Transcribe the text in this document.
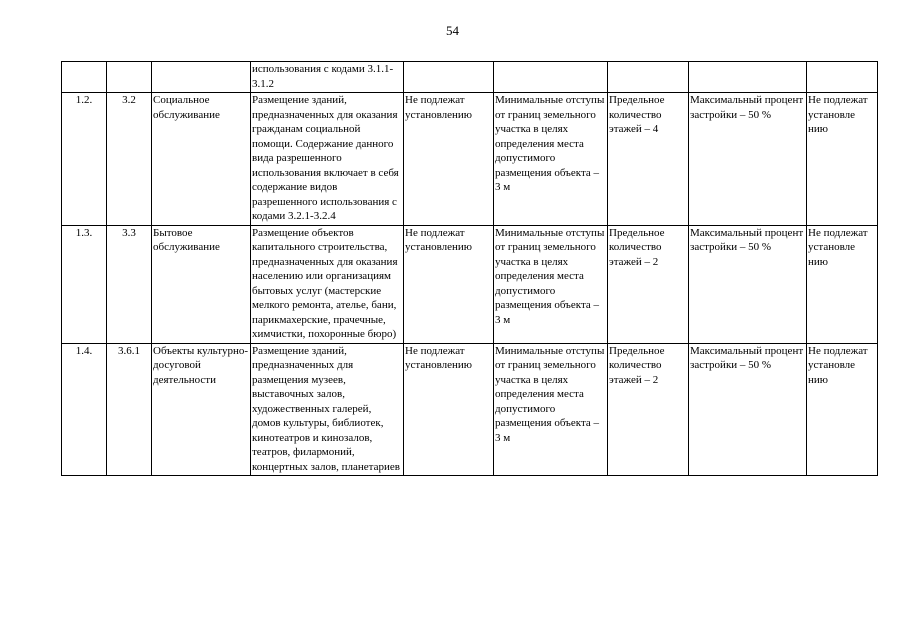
54
			использования с кодами 3.1.1-3.1.2					
1.2.	3.2	Социальное обслуживание	Размещение зданий, предназначенных для оказания гражданам социальной помощи. Содержание данного вида разрешенного использования включает в себя содержание видов разрешенного использования с кодами 3.2.1-3.2.4	Не подлежат установлению	Минимальные отступы от границ земельного участка в целях определения места допустимого размещения объекта – 3 м	Предельное количество этажей – 4	Максимальный процент застройки – 50 %	Не подлежат установле нию
1.3.	3.3	Бытовое обслуживание	Размещение объектов капитального строительства, предназначенных для оказания населению или организациям бытовых услуг (мастерские мелкого ремонта, ателье, бани, парикмахерские, прачечные, химчистки, похоронные бюро)	Не подлежат установлению	Минимальные отступы от границ земельного участка в целях определения места допустимого размещения объекта – 3 м	Предельное количество этажей – 2	Максимальный процент застройки – 50 %	Не подлежат установле нию
1.4.	3.6.1	Объекты культурно-досуговой деятельности	Размещение зданий, предназначенных для размещения музеев, выставочных залов, художественных галерей, домов культуры, библиотек, кинотеатров и кинозалов, театров, филармоний, концертных залов, планетариев	Не подлежат установлению	Минимальные отступы от границ земельного участка в целях определения места допустимого размещения объекта – 3 м	Предельное количество этажей – 2	Максимальный процент застройки – 50 %	Не подлежат установле нию
